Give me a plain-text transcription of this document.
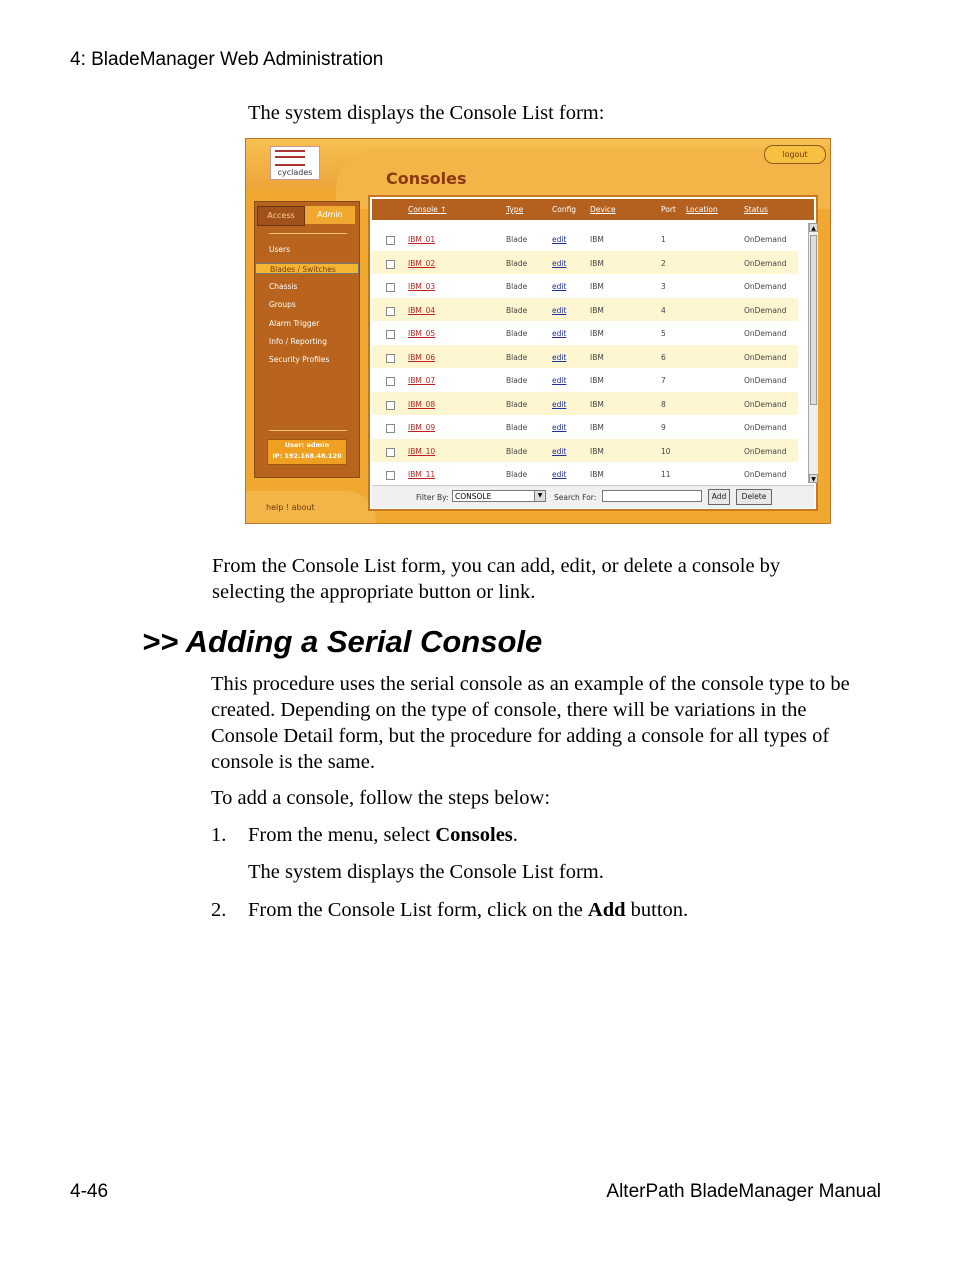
4: BladeManager Web Administration
The system displays the Console List form:
cyclades
logout
Consoles
Access	Admin
Users
Blades / Switches
Chassis
Groups
Alarm Trigger
Info / Reporting
Security Profiles
User: admin
IP: 192.168.48.120
help ! about
Console ↑	Type	Config Device	Port Location	Status
IBM_01	Blade	edit	IBM	1	OnDemand
IBM_02	Blade	edit	IBM	2	OnDemand
IBM_03	Blade	edit	IBM	3	OnDemand
IBM_04	Blade	edit	IBM	4	OnDemand
IBM_05	Blade	edit	IBM	5	OnDemand
IBM_06	Blade	edit	IBM	6	OnDemand
IBM_07	Blade	edit	IBM	7	OnDemand
IBM_08	Blade	edit	IBM	8	OnDemand
IBM_09	Blade	edit	IBM	9	OnDemand
IBM_10	Blade	edit	IBM	10	OnDemand
IBM_11	Blade	edit	IBM	11	OnDemand
▲
▼
Filter By: CONSOLE	▼	Search For:	Add	Delete
From the Console List form, you can add, edit, or delete a console by
selecting the appropriate button or link.
>> Adding a Serial Console
This procedure uses the serial console as an example of the console type to be
created. Depending on the type of console, there will be variations in the
Console Detail form, but the procedure for adding a console for all types of
console is the same.
To add a console, follow the steps below:
1. From the menu, select Consoles.
The system displays the Console List form.
2. From the Console List form, click on the Add button.
4-46	AlterPath BladeManager Manual
